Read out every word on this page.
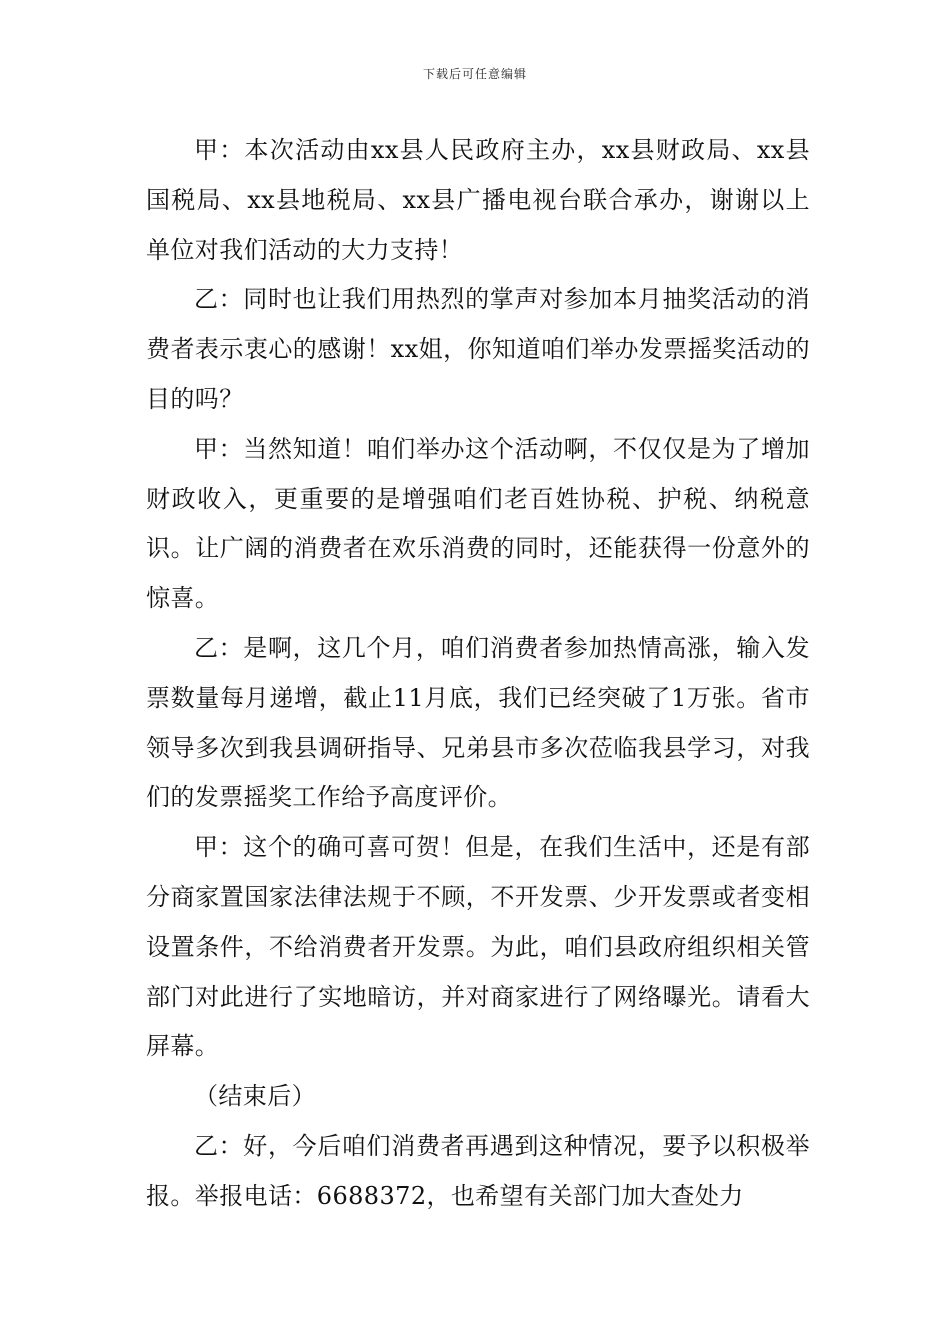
下载后可任意编辑

甲：本次活动由xx县人民政府主办，xx县财政局、xx县国税局、xx县地税局、xx县广播电视台联合承办，谢谢以上单位对我们活动的大力支持！

乙：同时也让我们用热烈的掌声对参加本月抽奖活动的消费者表示衷心的感谢！xx姐，你知道咱们举办发票摇奖活动的目的吗？

甲：当然知道！咱们举办这个活动啊，不仅仅是为了增加财政收入，更重要的是增强咱们老百姓协税、护税、纳税意识。让广阔的消费者在欢乐消费的同时，还能获得一份意外的惊喜。

乙：是啊，这几个月，咱们消费者参加热情高涨，输入发票数量每月递增，截止11月底，我们已经突破了1万张。省市领导多次到我县调研指导、兄弟县市多次莅临我县学习，对我们的发票摇奖工作给予高度评价。

甲：这个的确可喜可贺！但是，在我们生活中，还是有部分商家置国家法律法规于不顾，不开发票、少开发票或者变相设置条件，不给消费者开发票。为此，咱们县政府组织相关管部门对此进行了实地暗访，并对商家进行了网络曝光。请看大屏幕。

（结束后）

乙：好，今后咱们消费者再遇到这种情况，要予以积极举报。举报电话：6688372，也希望有关部门加大查处力
